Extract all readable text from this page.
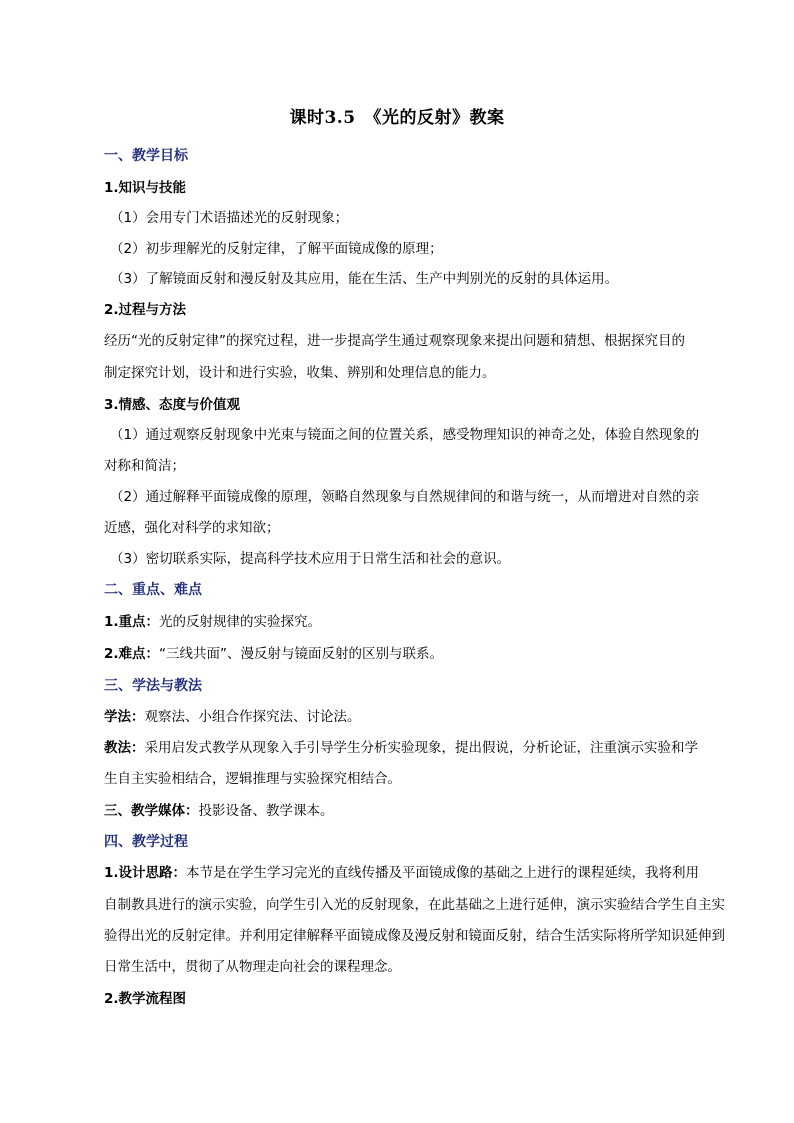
课时3.5　《光的反射》教案
一、教学目标
1.知识与技能
（1）会用专门术语描述光的反射现象；
（2）初步理解光的反射定律，了解平面镜成像的原理；
（3）了解镜面反射和漫反射及其应用，能在生活、生产中判别光的反射的具体运用。
2.过程与方法
经历“光的反射定律”的探究过程，进一步提高学生通过观察现象来提出问题和猜想、根据探究目的
制定探究计划，设计和进行实验，收集、辨别和处理信息的能力。
3.情感、态度与价值观
（1）通过观察反射现象中光束与镜面之间的位置关系，感受物理知识的神奇之处，体验自然现象的
对称和简洁；
（2）通过解释平面镜成像的原理，领略自然现象与自然规律间的和谐与统一，从而增进对自然的亲
近感，强化对科学的求知欲；
（3）密切联系实际，提高科学技术应用于日常生活和社会的意识。
二、重点、难点
1.重点：光的反射规律的实验探究。
2.难点：“三线共面”、漫反射与镜面反射的区别与联系。
三、学法与教法
学法：观察法、小组合作探究法、讨论法。
教法：采用启发式教学从现象入手引导学生分析实验现象，提出假说，分析论证，注重演示实验和学
生自主实验相结合，逻辑推理与实验探究相结合。
三、教学媒体：投影设备、教学课本。
四、教学过程
1.设计思路：本节是在学生学习完光的直线传播及平面镜成像的基础之上进行的课程延续，我将利用
自制教具进行的演示实验，向学生引入光的反射现象，在此基础之上进行延伸，演示实验结合学生自主实
验得出光的反射定律。并利用定律解释平面镜成像及漫反射和镜面反射，结合生活实际将所学知识延伸到
日常生活中，贯彻了从物理走向社会的课程理念。
2.教学流程图
